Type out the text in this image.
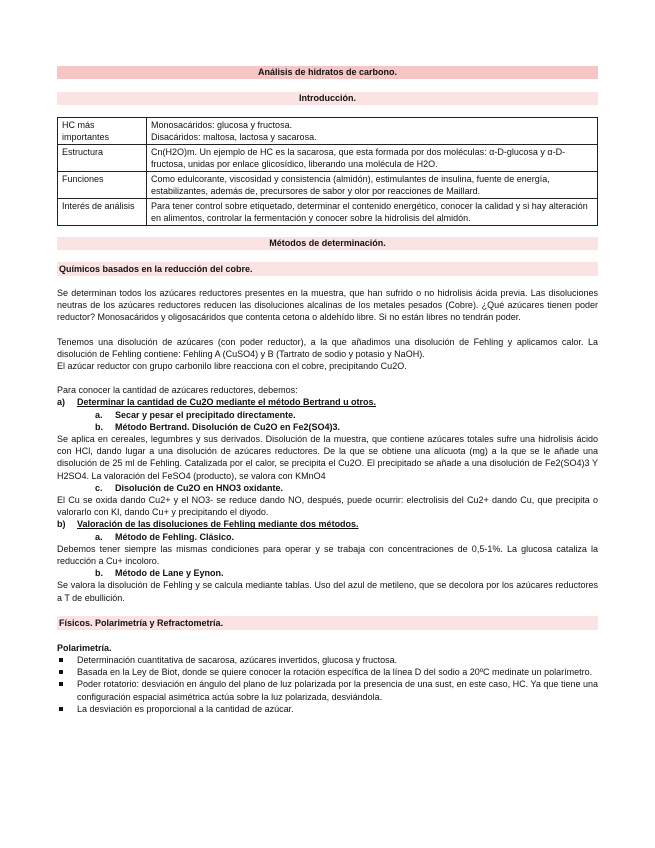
Análisis de hidratos de carbono.
Introducción.
HC más importantes	Monosacáridos: glucosa y fructosa.
Disacáridos: maltosa, lactosa y sacarosa.

Estructura	Cn(H2O)m. Un ejemplo de HC es la sacarosa, que esta formada por dos moléculas: α-D-glucosa y α-D-fructosa, unidas por enlace glicosídico, liberando una molécula de H2O.
Funciones	Como edulcorante, viscosidad y consistencia (almidón), estimulantes de insulina, fuente de energía, estabilizantes, además de, precursores de sabor y olor por reacciones de Maillard.
Interés de análisis	Para tener control sobre etiquetado, determinar el contenido energético, conocer la calidad y si hay alteración en alimentos, controlar la fermentación y conocer sobre la hidrolisis del almidón.
Métodos de determinación.
Químicos basados en la reducción del cobre.

Se determinan todos los azúcares reductores presentes en la muestra, que han sufrido o no hidrolisis ácida previa. Las disoluciones neutras de los azúcares reductores reducen las disoluciones alcalinas de los metales pesados (Cobre). ¿Qué azúcares tienen poder reductor? Monosacáridos y oligosacáridos que contenta cetona o aldehído libre. Si no están libres no tendrán poder.

Tenemos una disolución de azúcares (con poder reductor), a la que añadimos una disolución de Fehling y aplicamos calor. La disolución de Fehling contiene: Fehling A (CuSO4) y B (Tartrato de sodio y potasio y NaOH).

El azúcar reductor con grupo carbonilo libre reacciona con el cobre, precipitando Cu2O.

Para conocer la cantidad de azúcares reductores, debemos:

a) Determinar la cantidad de Cu2O mediante el método Bertrand u otros.

a. Secar y pesar el precipitado directamente.

b. Método Bertrand. Disolución de Cu2O en Fe2(SO4)3.

Se aplica en cereales, legumbres y sus derivados. Disolución de la muestra, que contiene azúcares totales sufre una hidrolisis ácido con HCl, dando lugar a una disolución de azúcares reductores. De la que se obtiene una alícuota (mg) a la que se le añade una disolución de 25 ml de Fehling. Catalizada por el calor, se precipita el Cu2O. El precipitado se añade a una disolución de Fe2(SO4)3 Y H2SO4. La valoración del FeSO4 (producto), se valora con KMnO4

c. Disolución de Cu2O en HNO3 oxidante.

El Cu se oxida dando Cu2+ y el NO3- se reduce dando NO, después, puede ocurrir: electrolisis del Cu2+ dando Cu, que precipita o valorarlo con KI, dando Cu+ y precipitando el diyodo.

b) Valoración de las disoluciones de Fehling mediante dos métodos.

a. Método de Fehling. Clásico.

Debemos tener siempre las mismas condiciones para operar y se trabaja con concentraciones de 0,5-1%. La glucosa cataliza la reducción a Cu+ incoloro.

b. Método de Lane y Eynon.

Se valora la disolución de Fehling y se calcula mediante tablas. Uso del azul de metileno, que se decolora por los azúcares reductores a T de ebullición.

Físicos. Polarimetría y Refractometría.

Polarimetría.

Determinación cuantitativa de sacarosa, azúcares invertidos, glucosa y fructosa.
Basada en la Ley de Biot, donde se quiere conocer la rotación específica de la línea D del sodio a 20ºC medinate un polarímetro.
Poder rotatorio: desviación en ángulo del plano de luz polarizada por la presencia de una sust, en este caso, HC. Ya que tiene una configuración espacial asimétrica actúa sobre la luz polarizada, desviándola.
La desviación es proporcional a la cantidad de azúcar.
